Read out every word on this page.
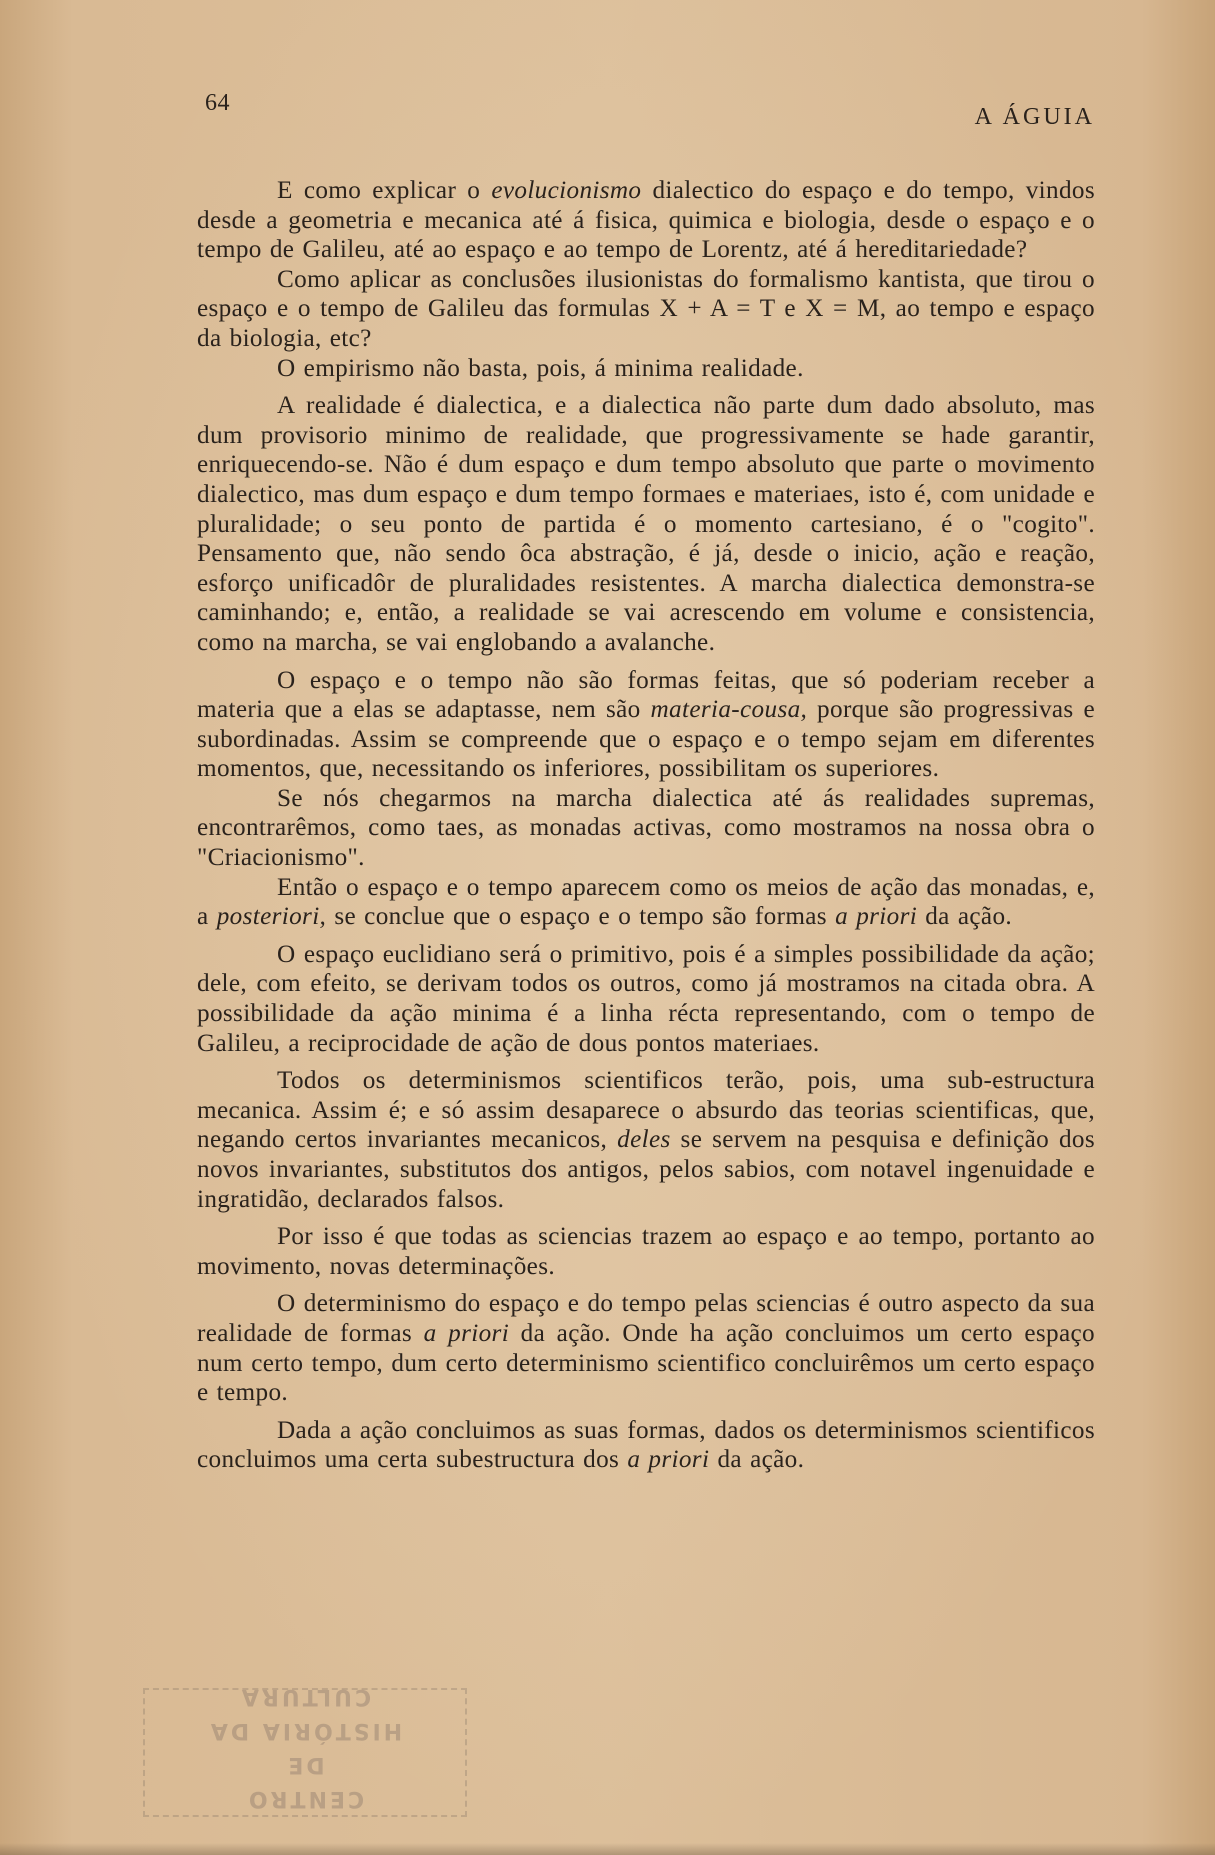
64
A ÁGUIA

E como explicar o evolucionismo dialectico do espaço e do tempo, vindos desde a geometria e mecanica até á fisica, quimica e biologia, desde o espaço e o tempo de Galileu, até ao espaço e ao tempo de Lorentz, até á hereditariedade?

Como aplicar as conclusões ilusionistas do formalismo kantista, que tirou o espaço e o tempo de Galileu das formulas X + A = T e X = M, ao tempo e espaço da biologia, etc?

O empirismo não basta, pois, á minima realidade.

A realidade é dialectica, e a dialectica não parte dum dado absoluto, mas dum provisorio minimo de realidade, que progressivamente se hade garantir, enriquecendo-se. Não é dum espaço e dum tempo absoluto que parte o movimento dialectico, mas dum espaço e dum tempo formaes e materiaes, isto é, com unidade e pluralidade; o seu ponto de partida é o momento cartesiano, é o "cogito". Pensamento que, não sendo ôca abstração, é já, desde o inicio, ação e reação, esforço unificadôr de pluralidades resistentes. A marcha dialectica demonstra-se caminhando; e, então, a realidade se vai acrescendo em volume e consistencia, como na marcha, se vai englobando a avalanche.

O espaço e o tempo não são formas feitas, que só poderiam receber a materia que a elas se adaptasse, nem são materia-cousa, porque são progressivas e subordinadas. Assim se compreende que o espaço e o tempo sejam em diferentes momentos, que, necessitando os inferiores, possibilitam os superiores.

Se nós chegarmos na marcha dialectica até ás realidades supremas, encontrarêmos, como taes, as monadas activas, como mostramos na nossa obra o "Criacionismo".

Então o espaço e o tempo aparecem como os meios de ação das monadas, e, a posteriori, se conclue que o espaço e o tempo são formas a priori da ação.

O espaço euclidiano será o primitivo, pois é a simples possibilidade da ação; dele, com efeito, se derivam todos os outros, como já mostramos na citada obra. A possibilidade da ação minima é a linha récta representando, com o tempo de Galileu, a reciprocidade de ação de dous pontos materiaes.

Todos os determinismos scientificos terão, pois, uma sub-estructura mecanica. Assim é; e só assim desaparece o absurdo das teorias scientificas, que, negando certos invariantes mecanicos, deles se servem na pesquisa e definição dos novos invariantes, substitutos dos antigos, pelos sabios, com notavel ingenuidade e ingratidão, declarados falsos.

Por isso é que todas as sciencias trazem ao espaço e ao tempo, portanto ao movimento, novas determinações.

O determinismo do espaço e do tempo pelas sciencias é outro aspecto da sua realidade de formas a priori da ação. Onde ha ação concluimos um certo espaço num certo tempo, dum certo determinismo scientifico concluirêmos um certo espaço e tempo.

Dada a ação concluimos as suas formas, dados os determinismos scientificos concluimos uma certa subestructura dos a priori da ação.

CENTRO
DE
HISTÓRIA DA CULTURA
